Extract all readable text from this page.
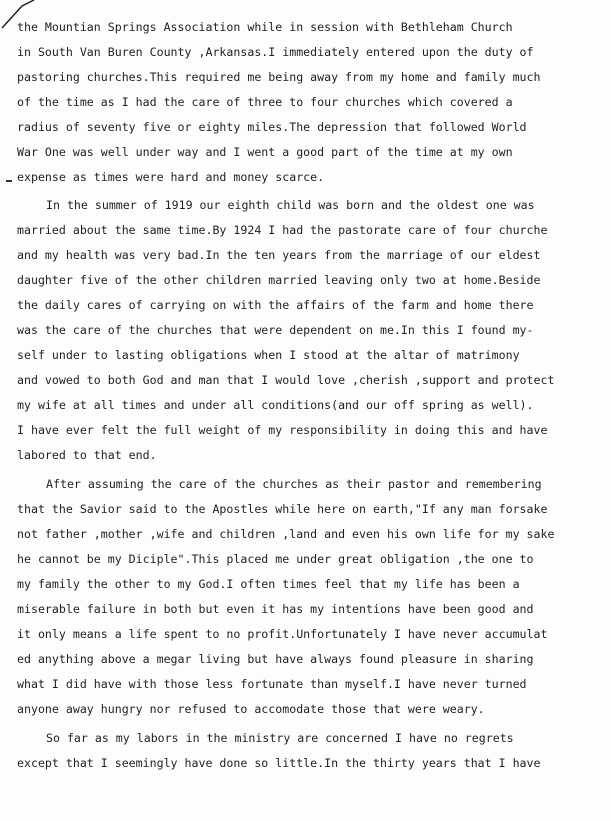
the Mountian Springs Association while in session with Bethleham Church
in South Van Buren County ,Arkansas.I immediately entered upon the duty of
pastoring churches.This required me being away from my home and family much
of the time as I had the care of three to four churches which covered a
radius of seventy five or eighty miles.The depression that followed World
War One was well under way and I went a good part of the time at my own
expense as times were hard and money scarce.
In the summer of 1919 our eighth child was born and the oldest one was
married about the same time.By 1924 I had the pastorate care of four churche
and my health was very bad.In the ten years from the marriage of our eldest
daughter five of the other children married leaving only two at home.Beside
the daily cares of carrying on with the affairs of the farm and home there
was the care of the churches that were dependent on me.In this I found my-
self under to lasting obligations when I stood at the altar of matrimony
and vowed to both God and man that I would love ,cherish ,support and protect
my wife at all times and under all conditions(and our off spring as well).
I have ever felt the full weight of my responsibility in doing this and have
labored to that end.
After assuming the care of the churches as their pastor and remembering
that the Savior said to the Apostles while here on earth,"If any man forsake
not father ,mother ,wife and children ,land and even his own life for my sake
he cannot be my Diciple".This placed me under great obligation ,the one to
my family the other to my God.I often times feel that my life has been a
miserable failure in both but even it has my intentions have been good and
it only means a life spent to no profit.Unfortunately I have never accumulat
ed anything above a megar living but have always found pleasure in sharing
what I did have with those less fortunate than myself.I have never turned
anyone away hungry nor refused to accomodate those that were weary.
So far as my labors in the ministry are concerned I have no regrets
except that I seemingly have done so little.In the thirty years that I have
